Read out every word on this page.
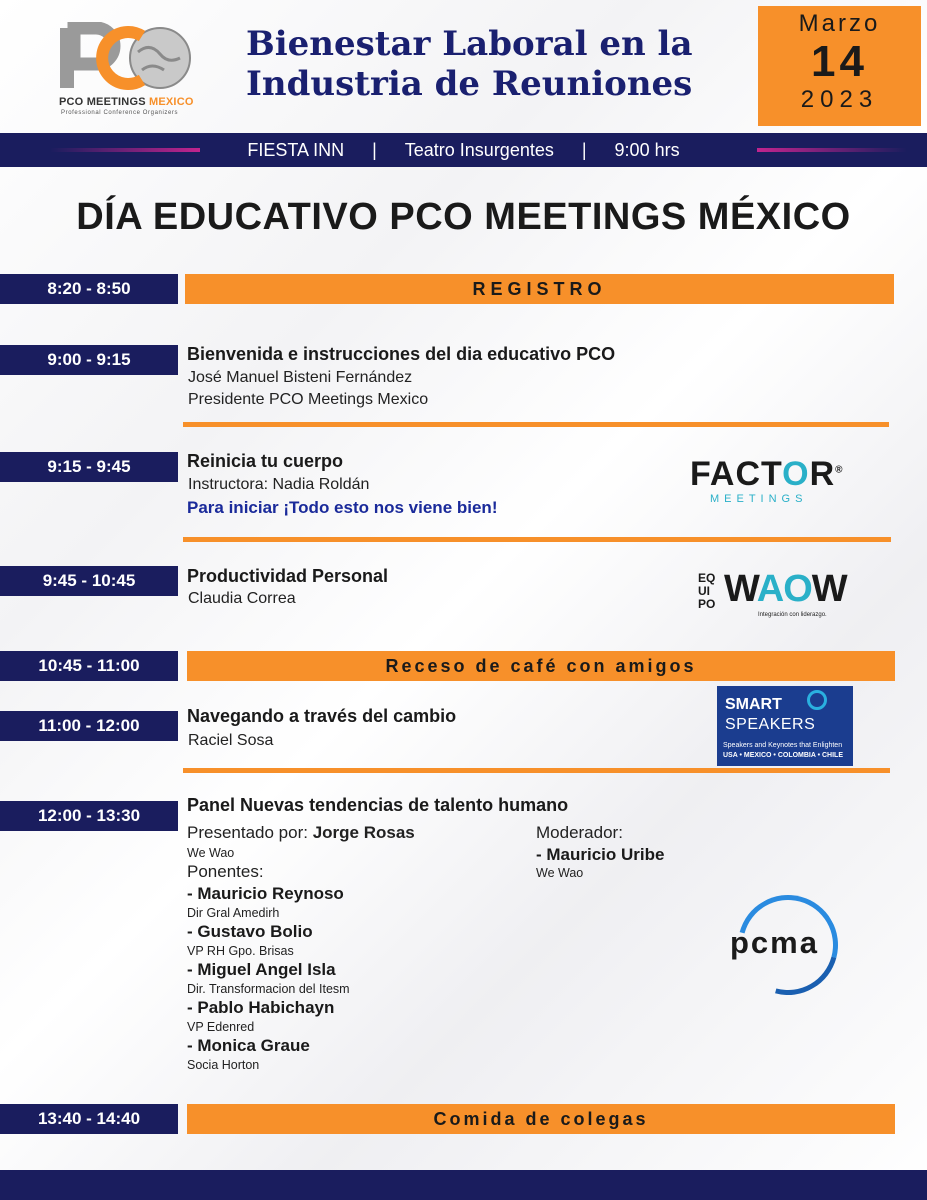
PCO MEETINGS MEXICO
Professional Conference Organizers
Bienestar Laboral en la
Industria de Reuniones
Marzo
14
2023
FIESTA INN | Teatro Insurgentes | 9:00 hrs
DÍA EDUCATIVO PCO MEETINGS MÉXICO
8:20 - 8:50	REGISTRO
9:00 - 9:15	Bienvenida e instrucciones del dia educativo PCO
José Manuel Bisteni Fernández
Presidente PCO Meetings Mexico
9:15 - 9:45	Reinicia tu cuerpo
Instructora: Nadia Roldán
Para iniciar ¡Todo esto nos viene bien!
FACTOR®
MEETINGS
9:45 - 10:45	Productividad Personal
Claudia Correa
EQ
UI
PO WAOW
Integración con liderazgo.
10:45 - 11:00	Receso de café con amigos
11:00 - 12:00	Navegando a través del cambio
Raciel Sosa
SMART
SPEAKERS
Speakers and Keynotes that Enlighten
USA • MEXICO • COLOMBIA • CHILE
12:00 - 13:30
Panel Nuevas tendencias de talento humano
Presentado por: Jorge Rosas
We Wao
Ponentes:
- Mauricio Reynoso
Dir Gral Amedirh
- Gustavo Bolio
VP RH Gpo. Brisas
- Miguel Angel Isla
Dir. Transformacion del Itesm
- Pablo Habichayn
VP Edenred
- Monica Graue
Socia Horton
Moderador:
- Mauricio Uribe
We Wao
pcma
13:40 - 14:40	Comida de colegas
